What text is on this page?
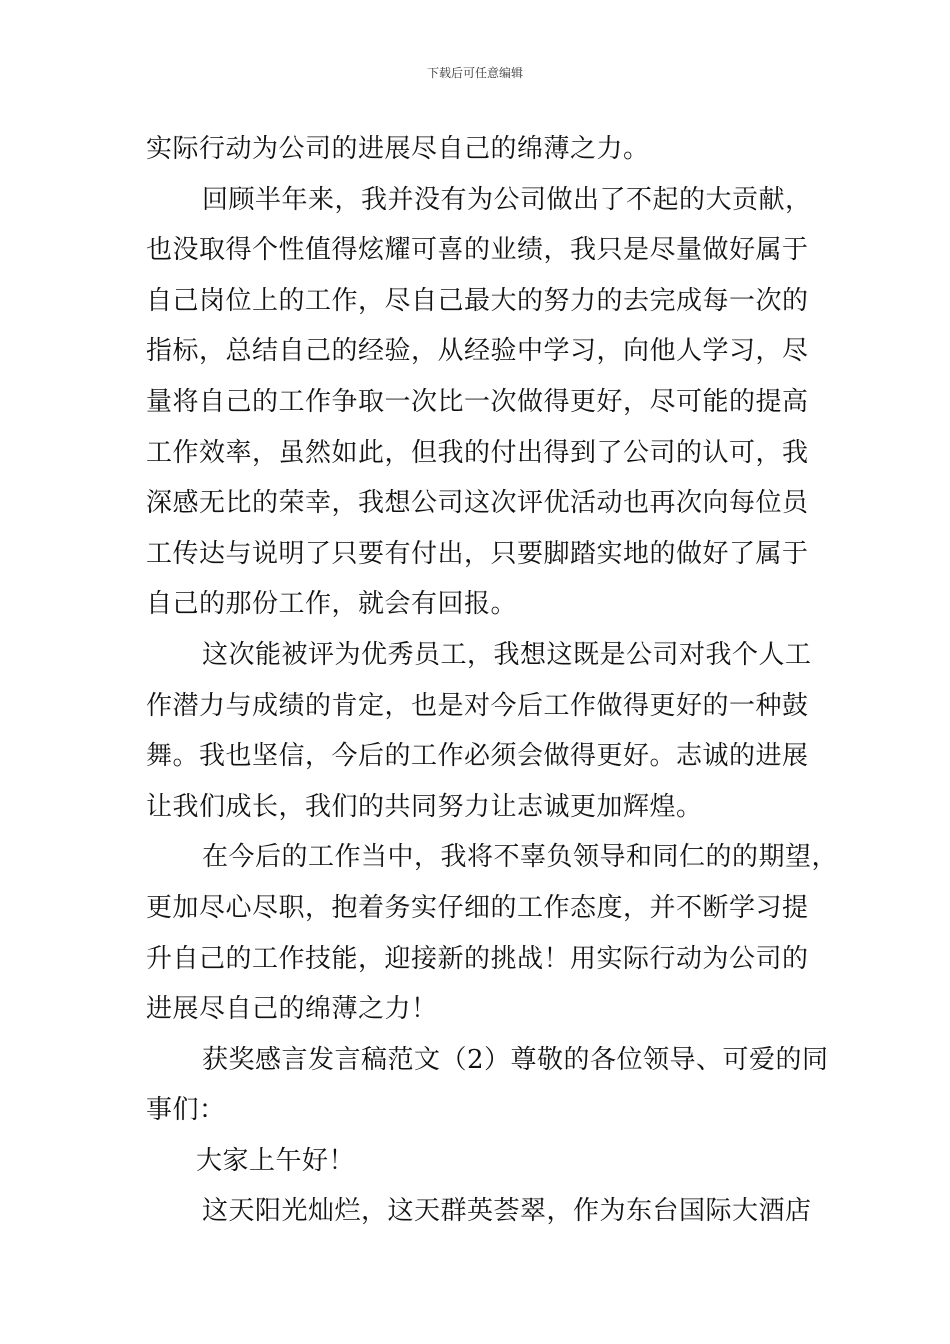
下载后可任意编辑
实际行动为公司的进展尽自己的绵薄之力。
回顾半年来，我并没有为公司做出了不起的大贡献，
也没取得个性值得炫耀可喜的业绩，我只是尽量做好属于
自己岗位上的工作，尽自己最大的努力的去完成每一次的
指标，总结自己的经验，从经验中学习，向他人学习，尽
量将自己的工作争取一次比一次做得更好，尽可能的提高
工作效率，虽然如此，但我的付出得到了公司的认可，我
深感无比的荣幸，我想公司这次评优活动也再次向每位员
工传达与说明了只要有付出，只要脚踏实地的做好了属于
自己的那份工作，就会有回报。
这次能被评为优秀员工，我想这既是公司对我个人工
作潜力与成绩的肯定，也是对今后工作做得更好的一种鼓
舞。我也坚信，今后的工作必须会做得更好。志诚的进展
让我们成长，我们的共同努力让志诚更加辉煌。
在今后的工作当中，我将不辜负领导和同仁的的期望，
更加尽心尽职，抱着务实仔细的工作态度，并不断学习提
升自己的工作技能，迎接新的挑战！用实际行动为公司的
进展尽自己的绵薄之力！
获奖感言发言稿范文（2）尊敬的各位领导、可爱的同
事们：
大家上午好！
这天阳光灿烂，这天群英荟翠，作为东台国际大酒店
